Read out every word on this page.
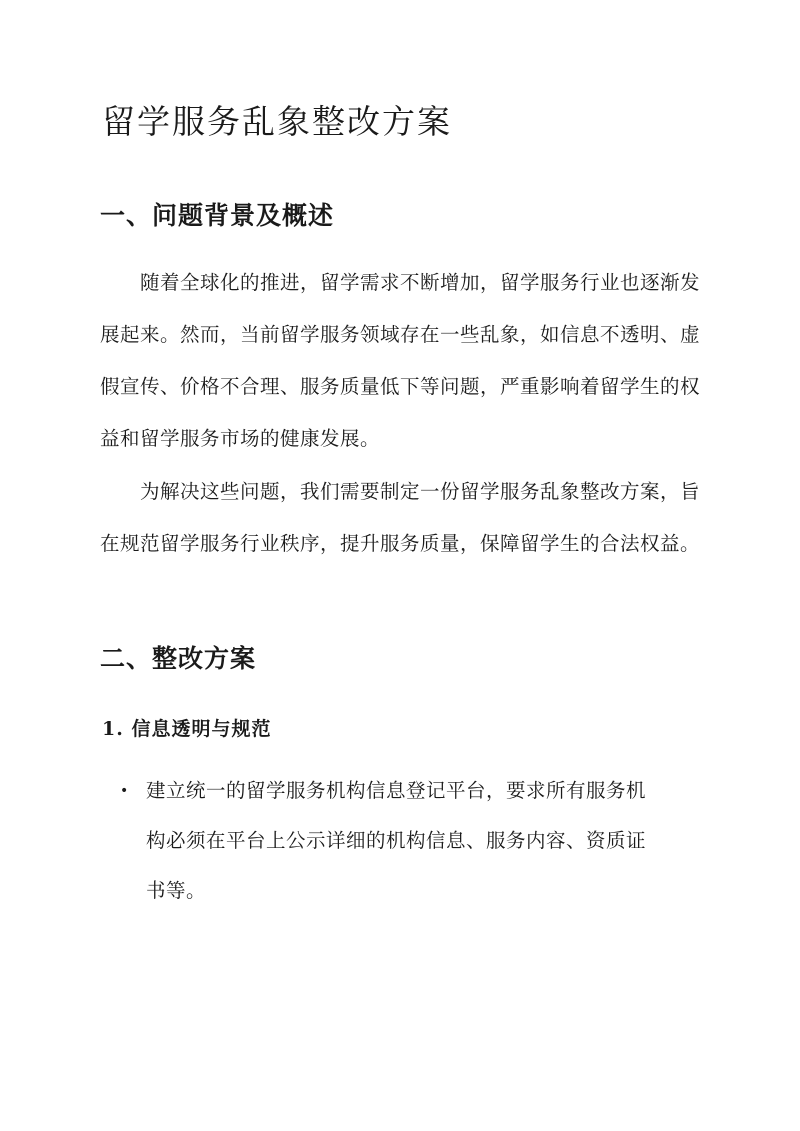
留学服务乱象整改方案
一、问题背景及概述

随着全球化的推进，留学需求不断增加，留学服务行业也逐渐发展起来。然而，当前留学服务领域存在一些乱象，如信息不透明、虚假宣传、价格不合理、服务质量低下等问题，严重影响着留学生的权益和留学服务市场的健康发展。

为解决这些问题，我们需要制定一份留学服务乱象整改方案，旨在规范留学服务行业秩序，提升服务质量，保障留学生的合法权益。

二、整改方案
1. 信息透明与规范
• 建立统一的留学服务机构信息登记平台，要求所有服务机构必须在平台上公示详细的机构信息、服务内容、资质证书等。
